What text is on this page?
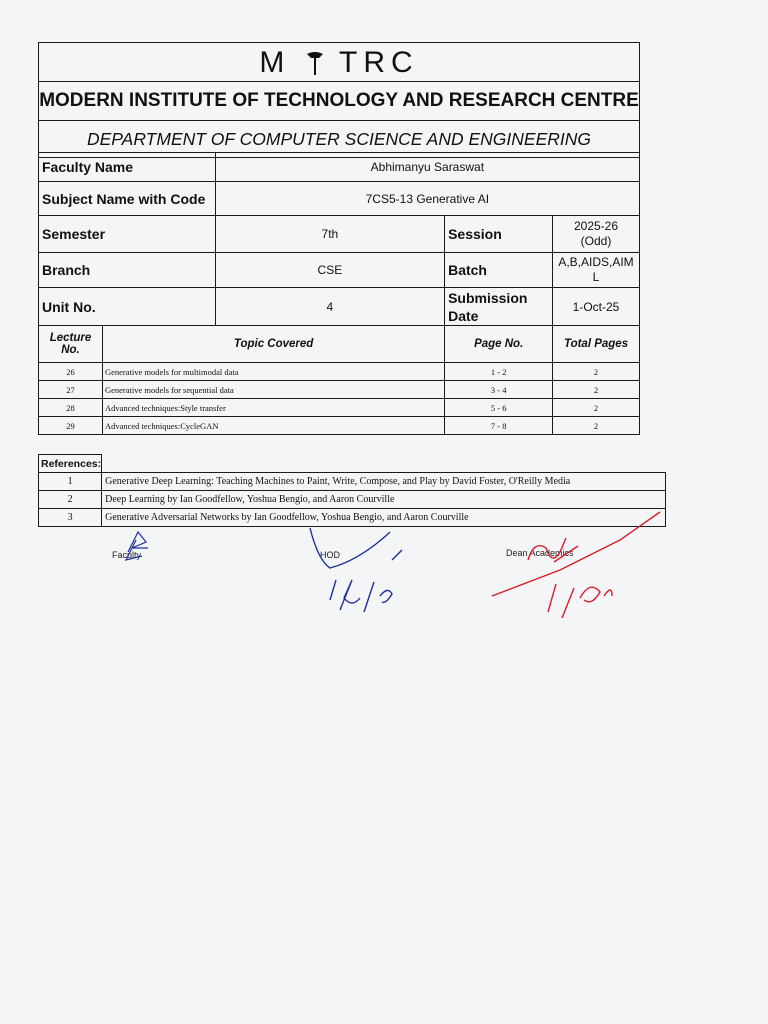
M TRC
MODERN INSTITUTE OF TECHNOLOGY AND RESEARCH CENTRE
DEPARTMENT OF COMPUTER SCIENCE AND ENGINEERING
Faculty Name	Abhimanyu Saraswat		
Subject Name with Code	7CS5-13 Generative AI		
Semester	7th	Session	2025-26
(Odd)

Branch	CSE	Batch	A,B,AIDS,AIM
L

Unit No.	4	Submission
Date	1-Oct-25
Lecture
No.	Topic Covered	Page No.	Total Pages
26	Generative models for multimodal data	1 - 2	2
27	Generative models for sequential data	3 - 4	2
28	Advanced techniques:Style transfer	5 - 6	2
29	Advanced techniques:CycleGAN	7 - 8	2
References:	
1	Generative Deep Learning: Teaching Machines to Paint, Write, Compose, and Play by David Foster, O'Reilly Media
2	Deep Learning by Ian Goodfellow, Yoshua Bengio, and Aaron Courville
3	Generative Adversarial Networks by Ian Goodfellow, Yoshua Bengio, and Aaron Courville
Faculty	HOD	Dean Academics
